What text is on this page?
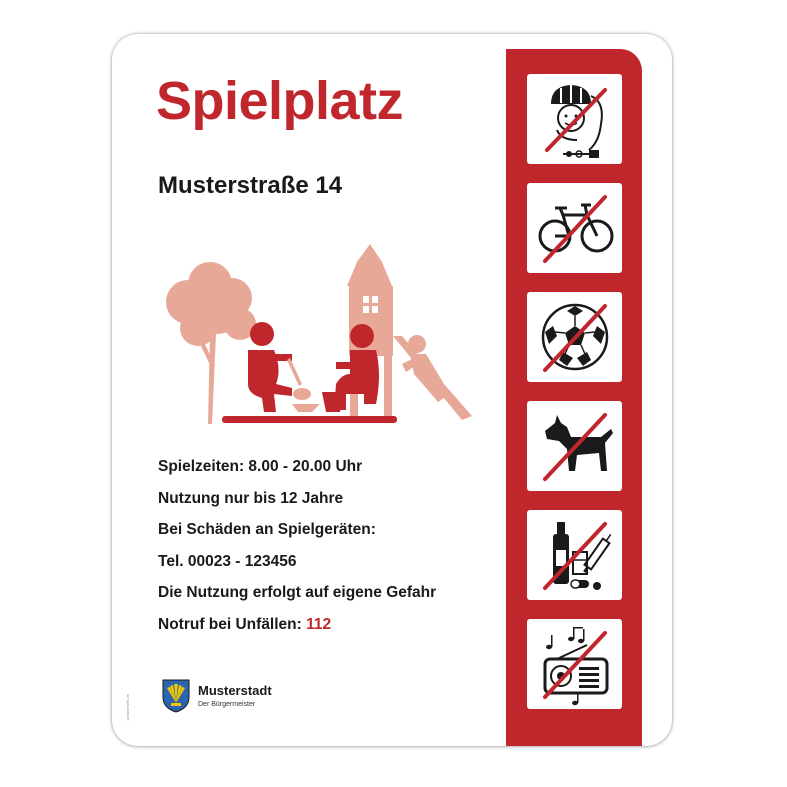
Spielplatz
Musterstraße 14
Spielzeiten: 8.00 - 20.00 Uhr
Nutzung nur bis 12 Jahre
Bei Schäden an Spielgeräten:
Tel. 00023 - 123456
Die Nutzung erfolgt auf eigene Gefahr
Notruf bei Unfällen: 112
schilderwelt.de
Musterstadt
Der Bürgermeister
